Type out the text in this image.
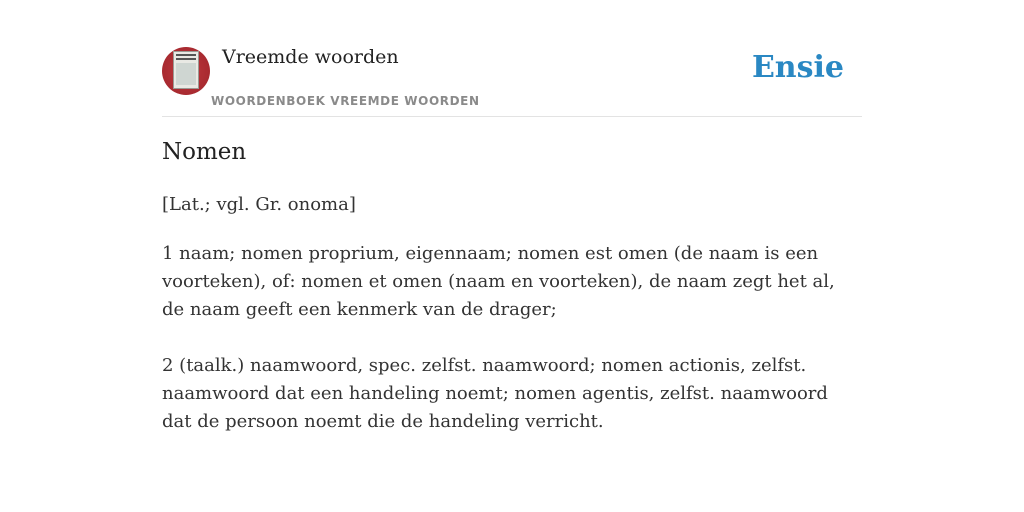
Vreemde woorden
WOORDENBOEK VREEMDE WOORDEN
Ensie
Nomen
[Lat.; vgl. Gr. onoma]

1 naam; nomen proprium, eigennaam; nomen est omen (de naam is een voorteken), of: nomen et omen (naam en voorteken), de naam zegt het al, de naam geeft een kenmerk van de drager;

2 (taalk.) naamwoord, spec. zelfst. naamwoord; nomen actionis, zelfst. naamwoord dat een handeling noemt; nomen agentis, zelfst. naamwoord dat de persoon noemt die de handeling verricht.
